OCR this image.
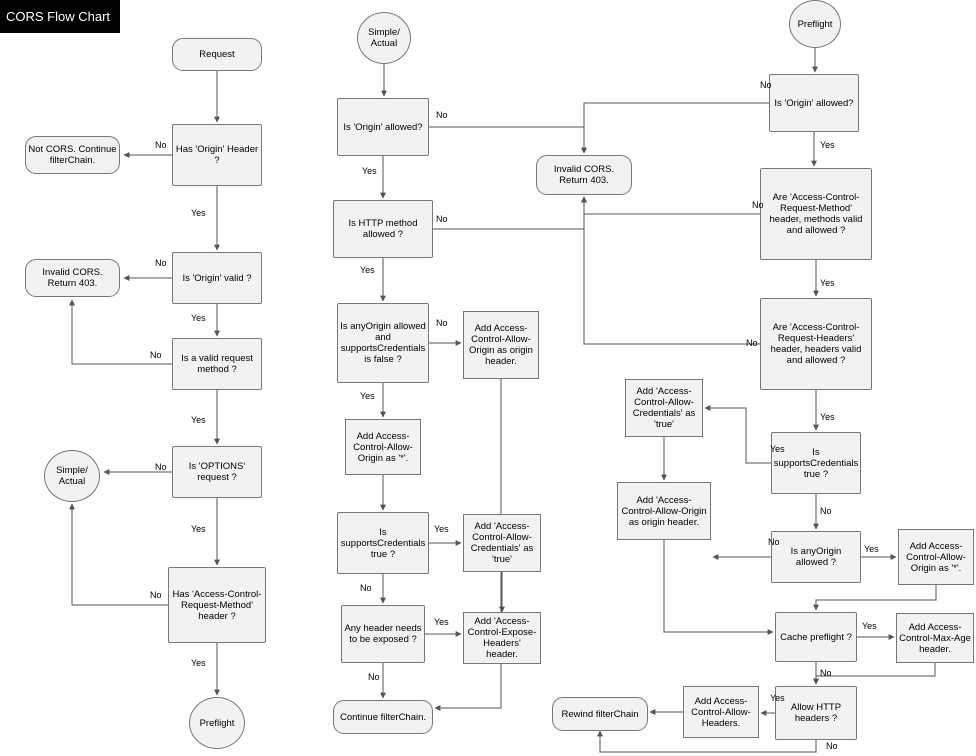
CORS Flow Chart
Request
Has 'Origin' Header ?
Not CORS. Continue filterChain.
Is 'Origin' valid ?
Invalid CORS. Return 403.
Is a valid request method ?
Is 'OPTIONS' request ?
Simple/ Actual
Has 'Access-Control-Request-Method' header ?
Preflight
Simple/ Actual
Is 'Origin' allowed?
Is HTTP method allowed ?
Invalid CORS. Return 403.
Is anyOrigin allowed and supportsCredentials is false ?
Add Access-Control-Allow-Origin as origin header.
Add Access-Control-Allow-Origin as '*'.
Is supportsCredentials true ?
Add 'Access-Control-Allow-Credentials' as 'true'
Any header needs to be exposed ?
Add 'Access-Control-Expose-Headers' header.
Continue filterChain.
Preflight
Is 'Origin' allowed?
Are 'Access-Control-Request-Method' header, methods valid and allowed ?
Are 'Access-Control-Request-Headers' header, headers valid and allowed ?
Is supportsCredentials true ?
Add 'Access-Control-Allow-Credentials' as 'true'
Add 'Access-Control-Allow-Origin as origin header.
Is anyOrigin allowed ?
Add Access-Control-Allow-Origin as '*'.
Cache preflight ?
Add Access-Control-Max-Age header.
Allow HTTP headers ?
Add Access-Control-Allow-Headers.
Rewind filterChain
No
Yes
No
Yes
No
Yes
No
Yes
No
Yes
No
Yes
No
Yes
No
Yes
Yes
No
Yes
No
No
Yes
No
Yes
No
Yes
Yes
No
No
Yes
Yes
No
Yes
No
